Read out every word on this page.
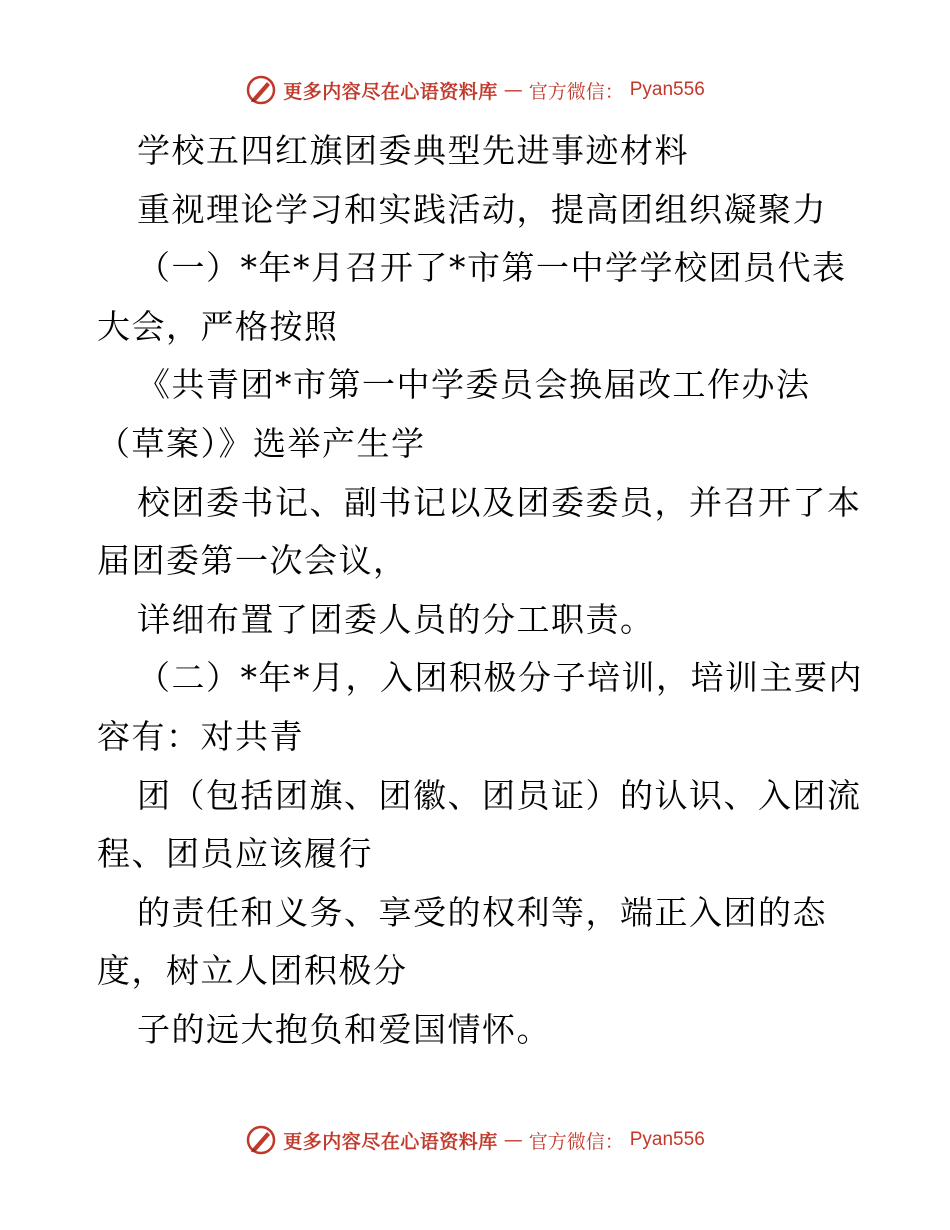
更多内容尽在心语资料库 — 官方微信： Pyan556
学校五四红旗团委典型先进事迹材料
重视理论学习和实践活动，提高团组织凝聚力
（一）*年*月召开了*市第一中学学校团员代表
大会，严格按照
《共青团*市第一中学委员会换届改工作办法
（草案）》选举产生学
校团委书记、副书记以及团委委员，并召开了本
届团委第一次会议，
详细布置了团委人员的分工职责。
（二）*年*月，入团积极分子培训，培训主要内
容有：对共青
团（包括团旗、团徽、团员证）的认识、入团流
程、团员应该履行
的责任和义务、享受的权利等，端正入团的态
度，树立人团积极分
子的远大抱负和爱国情怀。
更多内容尽在心语资料库 — 官方微信： Pyan556
